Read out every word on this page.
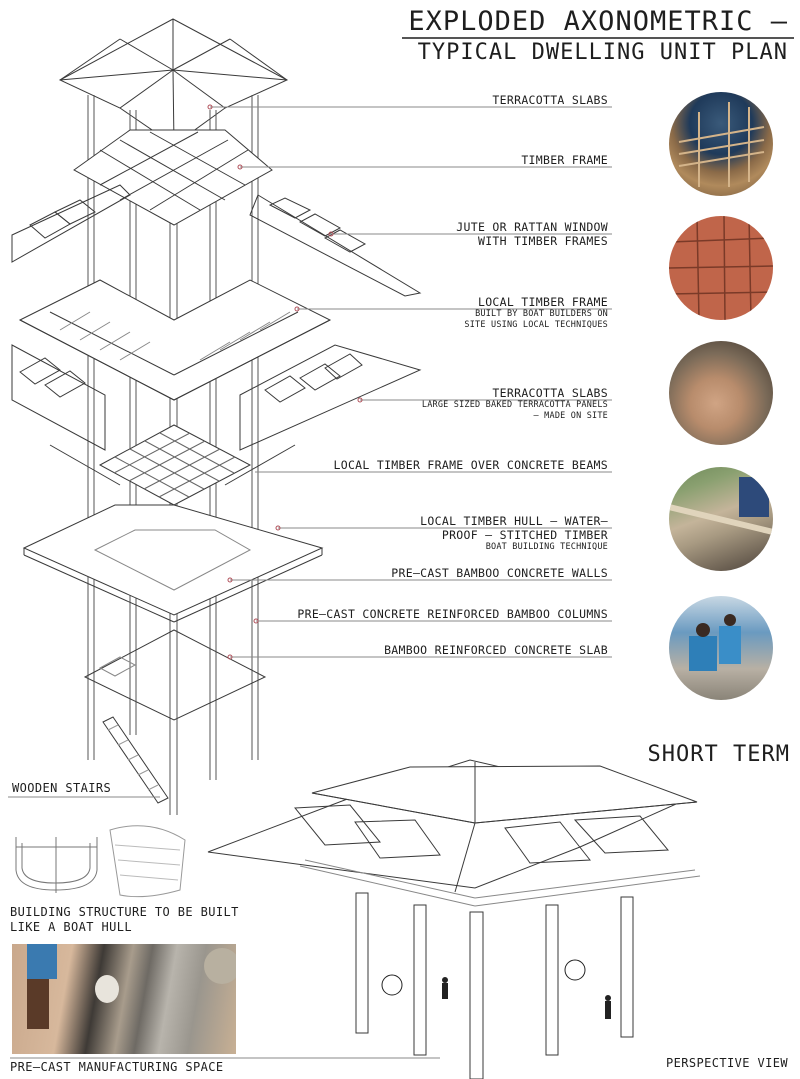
EXPLODED AXONOMETRIC –
TYPICAL DWELLING UNIT PLAN
TERRACOTTA SLABS
TIMBER FRAME
JUTE OR RATTAN WINDOW
WITH TIMBER FRAMES
LOCAL TIMBER FRAME
BUILT BY BOAT BUILDERS ON
SITE USING LOCAL TECHNIQUES
TERRACOTTA SLABS
LARGE SIZED BAKED TERRACOTTA PANELS
– MADE ON SITE
LOCAL TIMBER FRAME OVER CONCRETE BEAMS
LOCAL TIMBER HULL – WATER–
PROOF – STITCHED TIMBER
BOAT BUILDING TECHNIQUE
PRE–CAST BAMBOO CONCRETE WALLS
PRE–CAST CONCRETE REINFORCED BAMBOO COLUMNS
BAMBOO REINFORCED CONCRETE SLAB
WOODEN STAIRS
BUILDING STRUCTURE TO BE BUILT
LIKE A BOAT HULL
PRE–CAST MANUFACTURING SPACE
SHORT TERM
PERSPECTIVE VIEW
